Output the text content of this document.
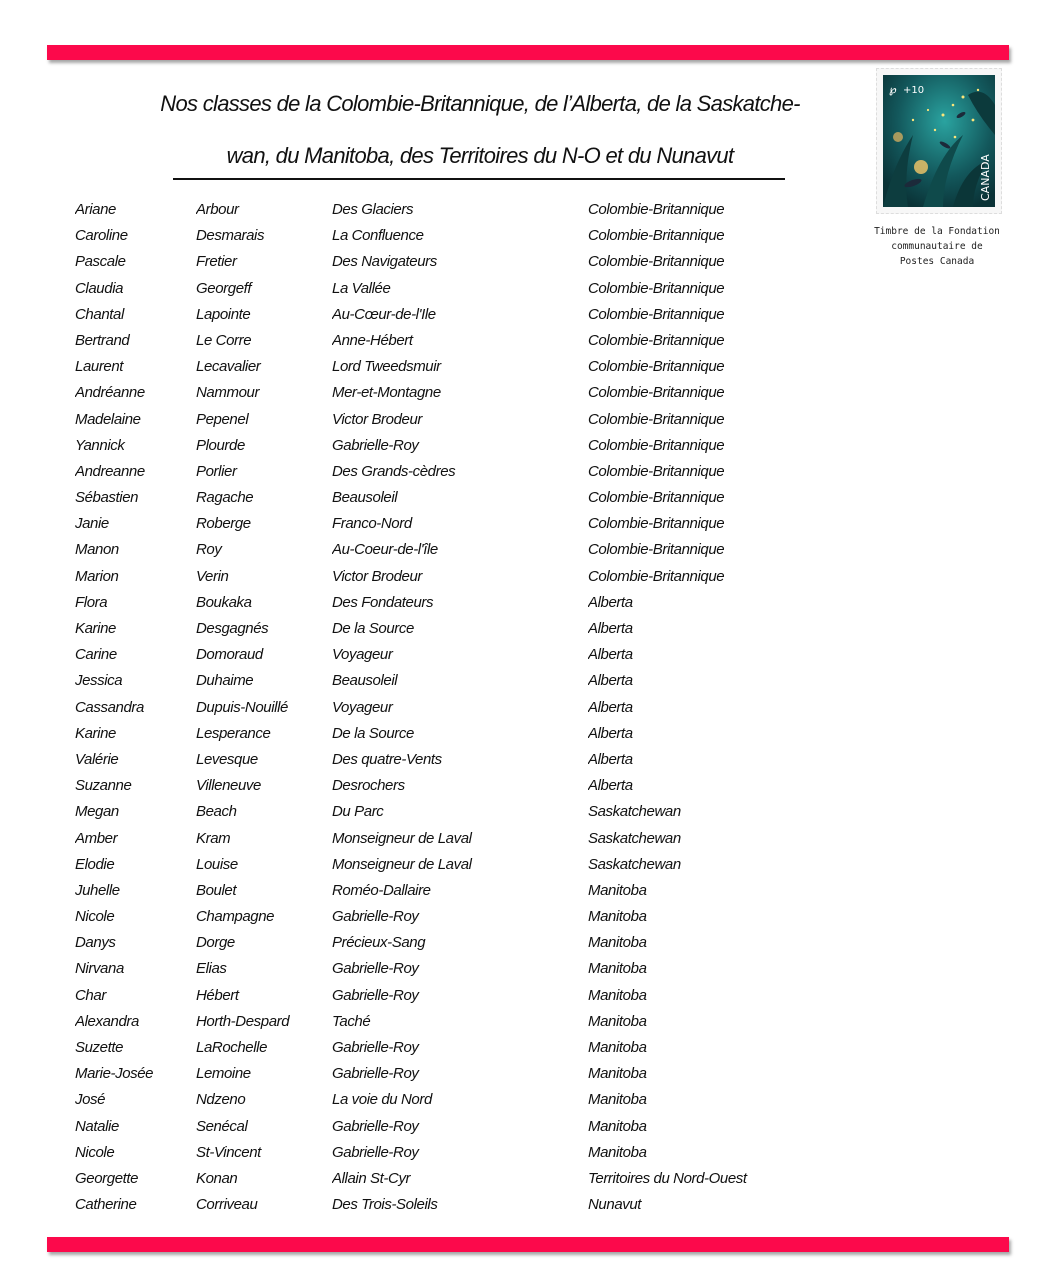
Nos classes de la Colombie-Britannique, de l’Alberta, de la Saskatche-
wan, du Manitoba, des Territoires du N-O et du Nunavut
℘ +10
CANADA
Timbre de la Fondation
communautaire de
Postes Canada
Ariane	Arbour	Des Glaciers	Colombie-Britannique
Caroline	Desmarais	La Confluence	Colombie-Britannique
Pascale	Fretier	Des Navigateurs	Colombie-Britannique
Claudia	Georgeff	La Vallée	Colombie-Britannique
Chantal	Lapointe	Au-Cœur-de-l'Ile	Colombie-Britannique
Bertrand	Le Corre	Anne-Hébert	Colombie-Britannique
Laurent	Lecavalier	Lord Tweedsmuir	Colombie-Britannique
Andréanne	Nammour	Mer-et-Montagne	Colombie-Britannique
Madelaine	Pepenel	Victor Brodeur	Colombie-Britannique
Yannick	Plourde	Gabrielle-Roy	Colombie-Britannique
Andreanne	Porlier	Des Grands-cèdres	Colombie-Britannique
Sébastien	Ragache	Beausoleil	Colombie-Britannique
Janie	Roberge	Franco-Nord	Colombie-Britannique
Manon	Roy	Au-Coeur-de-l'île	Colombie-Britannique
Marion	Verin	Victor Brodeur	Colombie-Britannique
Flora	Boukaka	Des Fondateurs	Alberta
Karine	Desgagnés	De la Source	Alberta
Carine	Domoraud	Voyageur	Alberta
Jessica	Duhaime	Beausoleil	Alberta
Cassandra	Dupuis-Nouillé	Voyageur	Alberta
Karine	Lesperance	De la Source	Alberta
Valérie	Levesque	Des quatre-Vents	Alberta
Suzanne	Villeneuve	Desrochers	Alberta
Megan	Beach	Du Parc	Saskatchewan
Amber	Kram	Monseigneur de Laval	Saskatchewan
Elodie	Louise	Monseigneur de Laval	Saskatchewan
Juhelle	Boulet	Roméo-Dallaire	Manitoba
Nicole	Champagne	Gabrielle-Roy	Manitoba
Danys	Dorge	Précieux-Sang	Manitoba
Nirvana	Elias	Gabrielle-Roy	Manitoba
Char	Hébert	Gabrielle-Roy	Manitoba
Alexandra	Horth-Despard	Taché	Manitoba
Suzette	LaRochelle	Gabrielle-Roy	Manitoba
Marie-Josée	Lemoine	Gabrielle-Roy	Manitoba
José	Ndzeno	La voie du Nord	Manitoba
Natalie	Senécal	Gabrielle-Roy	Manitoba
Nicole	St-Vincent	Gabrielle-Roy	Manitoba
Georgette	Konan	Allain St-Cyr	Territoires du Nord-Ouest
Catherine	Corriveau	Des Trois-Soleils	Nunavut
